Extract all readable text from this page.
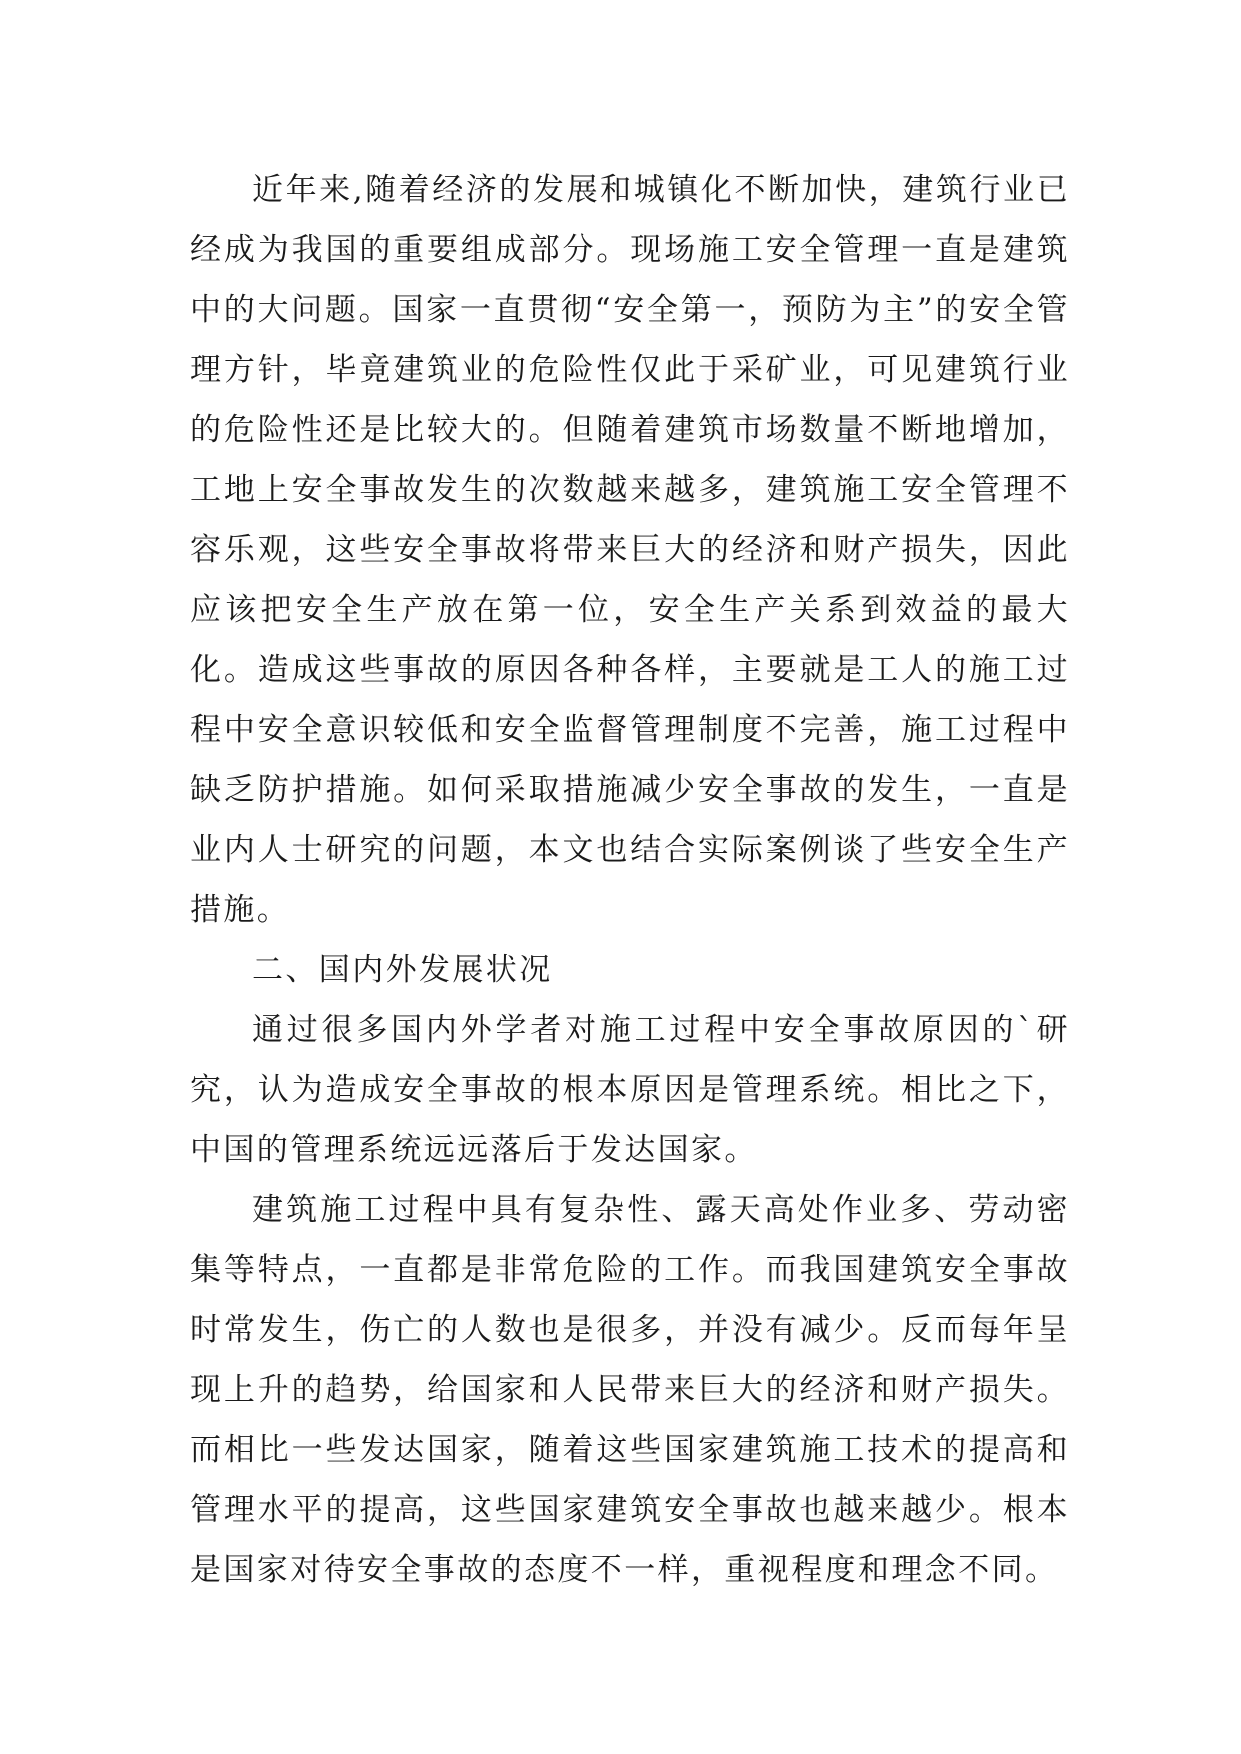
近年来,随着经济的发展和城镇化不断加快，建筑行业已经成为我国的重要组成部分。现场施工安全管理一直是建筑中的大问题。国家一直贯彻“安全第一，预防为主”的安全管理方针，毕竟建筑业的危险性仅此于采矿业，可见建筑行业的危险性还是比较大的。但随着建筑市场数量不断地增加，工地上安全事故发生的次数越来越多，建筑施工安全管理不容乐观，这些安全事故将带来巨大的经济和财产损失，因此应该把安全生产放在第一位，安全生产关系到效益的最大化。造成这些事故的原因各种各样，主要就是工人的施工过程中安全意识较低和安全监督管理制度不完善，施工过程中缺乏防护措施。如何采取措施减少安全事故的发生，一直是业内人士研究的问题，本文也结合实际案例谈了些安全生产措施。

二、国内外发展状况

通过很多国内外学者对施工过程中安全事故原因的`研究，认为造成安全事故的根本原因是管理系统。相比之下，中国的管理系统远远落后于发达国家。

建筑施工过程中具有复杂性、露天高处作业多、劳动密集等特点，一直都是非常危险的工作。而我国建筑安全事故时常发生，伤亡的人数也是很多，并没有减少。反而每年呈现上升的趋势，给国家和人民带来巨大的经济和财产损失。而相比一些发达国家，随着这些国家建筑施工技术的提高和管理水平的提高，这些国家建筑安全事故也越来越少。根本是国家对待安全事故的态度不一样，重视程度和理念不同。
